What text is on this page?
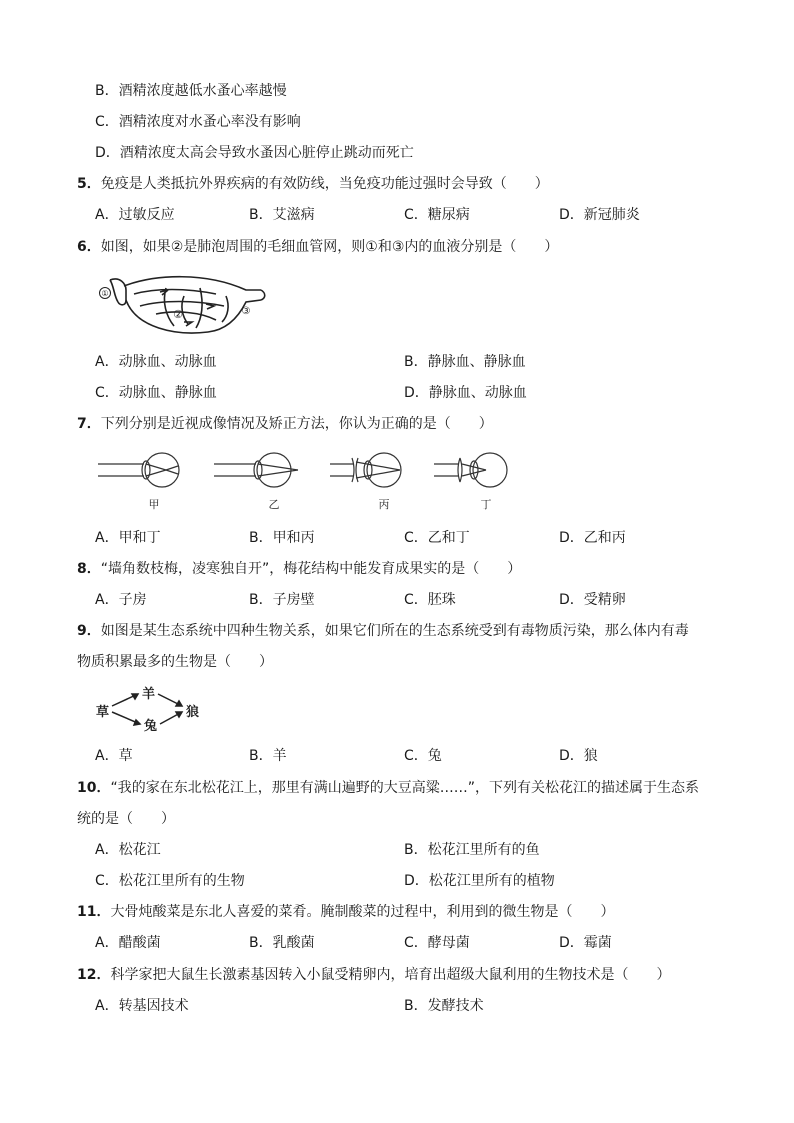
B．酒精浓度越低水蚤心率越慢
C．酒精浓度对水蚤心率没有影响
D．酒精浓度太高会导致水蚤因心脏停止跳动而死亡
5．免疫是人类抵抗外界疾病的有效防线，当免疫功能过强时会导致（　　）
A．过敏反应	B．艾滋病	C．糖尿病	D．新冠肺炎
6．如图，如果②是肺泡周围的毛细血管网，则①和③内的血液分别是（　　）
①
②	③
A．动脉血、动脉血	B．静脉血、静脉血
C．动脉血、静脉血	D．静脉血、动脉血
7．下列分别是近视成像情况及矫正方法，你认为正确的是（　　）
甲	乙	丙	丁
A．甲和丁	B．甲和丙	C．乙和丁	D．乙和丙
8．“墙角数枝梅，凌寒独自开”，梅花结构中能发育成果实的是（　　）
A．子房	B．子房壁	C．胚珠	D．受精卵
9．如图是某生态系统中四种生物关系，如果它们所在的生态系统受到有毒物质污染，那么体内有毒
物质积累最多的生物是（　　）
草
羊
兔
狼
A．草	B．羊	C．兔	D．狼
10．“我的家在东北松花江上，那里有满山遍野的大豆高粱……”，下列有关松花江的描述属于生态系
统的是（　　）
A．松花江	B．松花江里所有的鱼
C．松花江里所有的生物	D．松花江里所有的植物
11．大骨炖酸菜是东北人喜爱的菜肴。腌制酸菜的过程中，利用到的微生物是（　　）
A．醋酸菌	B．乳酸菌	C．酵母菌	D．霉菌
12．科学家把大鼠生长激素基因转入小鼠受精卵内，培育出超级大鼠利用的生物技术是（　　）
A．转基因技术	B．发酵技术
